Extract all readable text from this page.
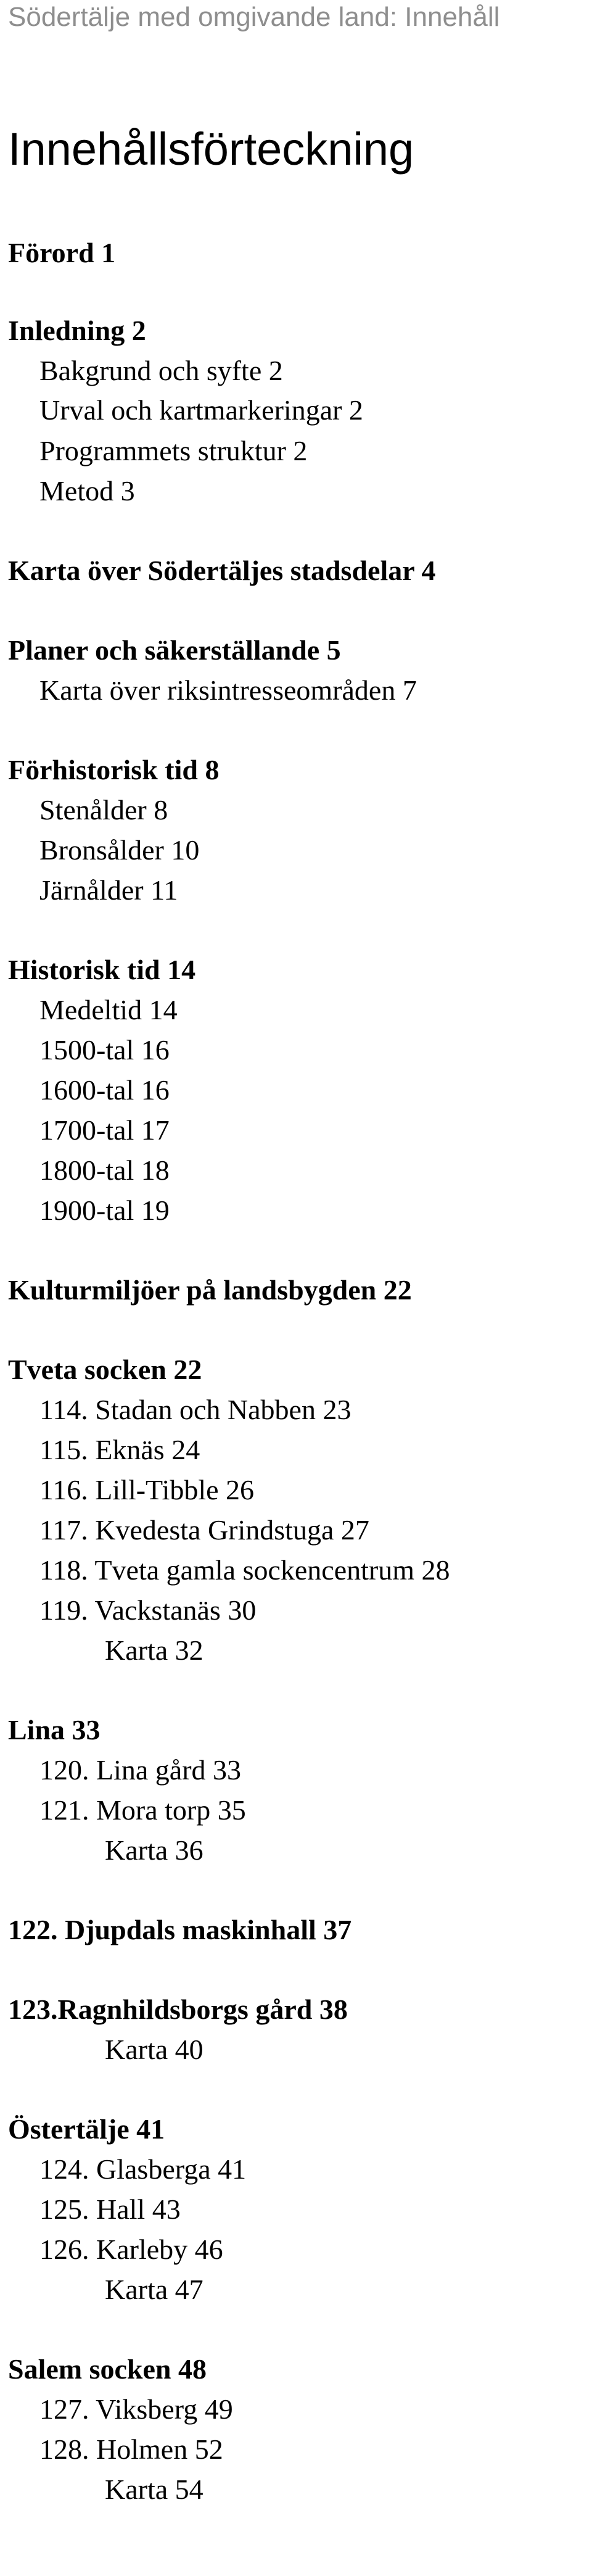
Södertälje med omgivande land: Innehåll
Innehållsförteckning
Förord 1
Inledning 2
Bakgrund och syfte 2
Urval och kartmarkeringar 2
Programmets struktur 2
Metod 3
Karta över Södertäljes stadsdelar 4
Planer och säkerställande 5
Karta över riksintresseområden 7
Förhistorisk tid 8
Stenålder 8
Bronsålder 10
Järnålder 11
Historisk tid 14
Medeltid 14
1500-tal 16
1600-tal 16
1700-tal 17
1800-tal 18
1900-tal 19
Kulturmiljöer på landsbygden 22
Tveta socken 22
114. Stadan och Nabben 23
115. Eknäs 24
116. Lill-Tibble 26
117. Kvedesta Grindstuga 27
118. Tveta gamla sockencentrum 28
119. Vackstanäs 30
Karta 32
Lina 33
120. Lina gård 33
121. Mora torp 35
Karta 36
122. Djupdals maskinhall 37
123.Ragnhildsborgs gård 38
Karta 40
Östertälje 41
124. Glasberga 41
125. Hall 43
126. Karleby 46
Karta 47
Salem socken 48
127. Viksberg 49
128. Holmen 52
Karta 54
